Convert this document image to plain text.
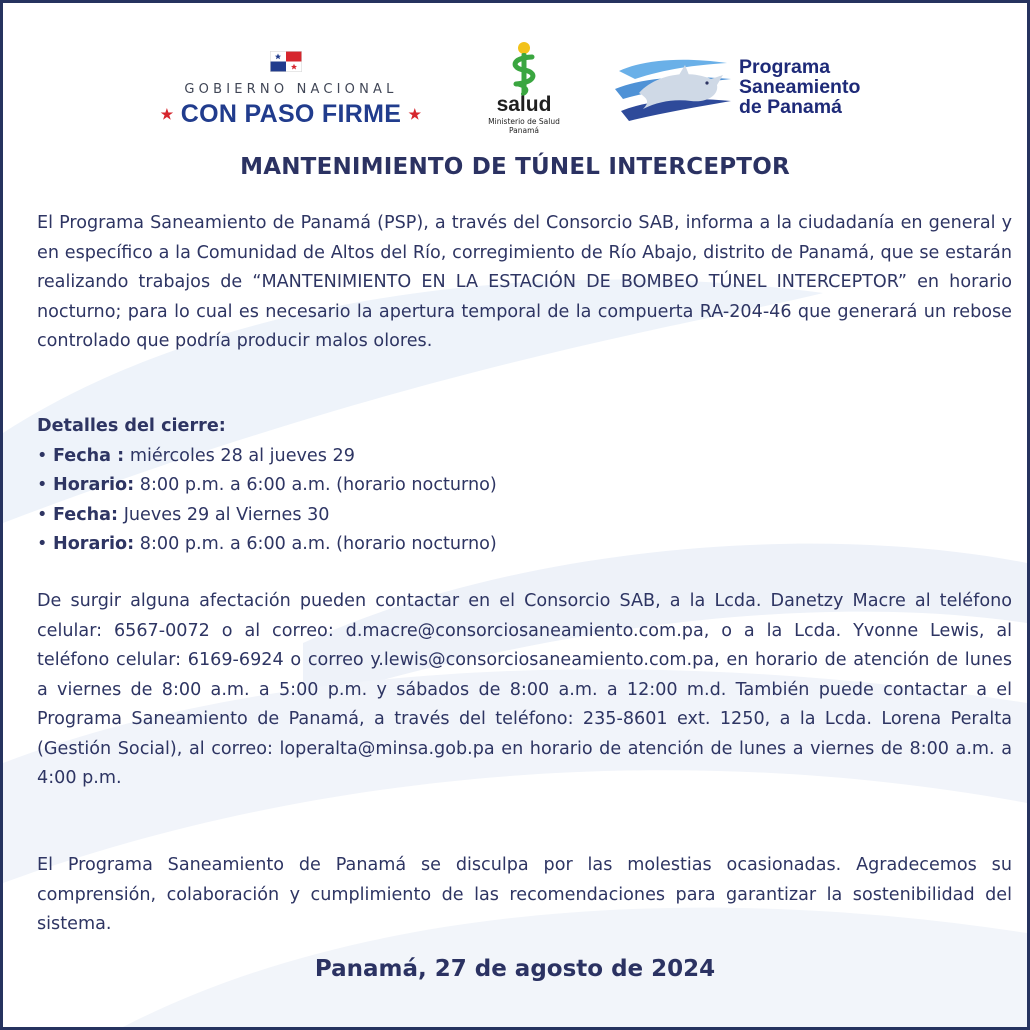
GOBIERNO NACIONAL
★ CON PASO FIRME ★	salud
Ministerio de Salud
Panamá
Programa
Saneamiento
de Panamá
MANTENIMIENTO DE TÚNEL INTERCEPTOR
El Programa Saneamiento de Panamá (PSP), a través del Consorcio SAB, informa a la ciudadanía en general y en específico a la Comunidad de Altos del Río, corregimiento de Río Abajo, distrito de Panamá, que se estarán realizando trabajos de “MANTENIMIENTO EN LA ESTACIÓN DE BOMBEO TÚNEL INTERCEPTOR” en horario nocturno; para lo cual es necesario la apertura temporal de la compuerta RA-204-46 que generará un rebose controlado que podría producir malos olores.
Detalles del cierre:
• Fecha : miércoles 28 al jueves 29
• Horario: 8:00 p.m. a 6:00 a.m. (horario nocturno)
• Fecha: Jueves 29 al Viernes 30
• Horario: 8:00 p.m. a 6:00 a.m. (horario nocturno)
De surgir alguna afectación pueden contactar en el Consorcio SAB, a la Lcda. Danetzy Macre al teléfono celular: 6567-0072 o al correo: d.macre@consorciosaneamiento.com.pa, o a la Lcda. Yvonne Lewis, al teléfono celular: 6169-6924 o correo y.lewis@consorciosaneamiento.com.pa, en horario de atención de lunes a viernes de 8:00 a.m. a 5:00 p.m. y sábados de 8:00 a.m. a 12:00 m.d. También puede contactar a el Programa Saneamiento de Panamá, a través del teléfono: 235-8601 ext. 1250, a la Lcda. Lorena Peralta (Gestión Social), al correo: loperalta@minsa.gob.pa en horario de atención de lunes a viernes de 8:00 a.m. a 4:00 p.m.
El Programa Saneamiento de Panamá se disculpa por las molestias ocasionadas. Agradecemos su comprensión, colaboración y cumplimiento de las recomendaciones para garantizar la sostenibilidad del sistema.
Panamá, 27 de agosto de 2024
